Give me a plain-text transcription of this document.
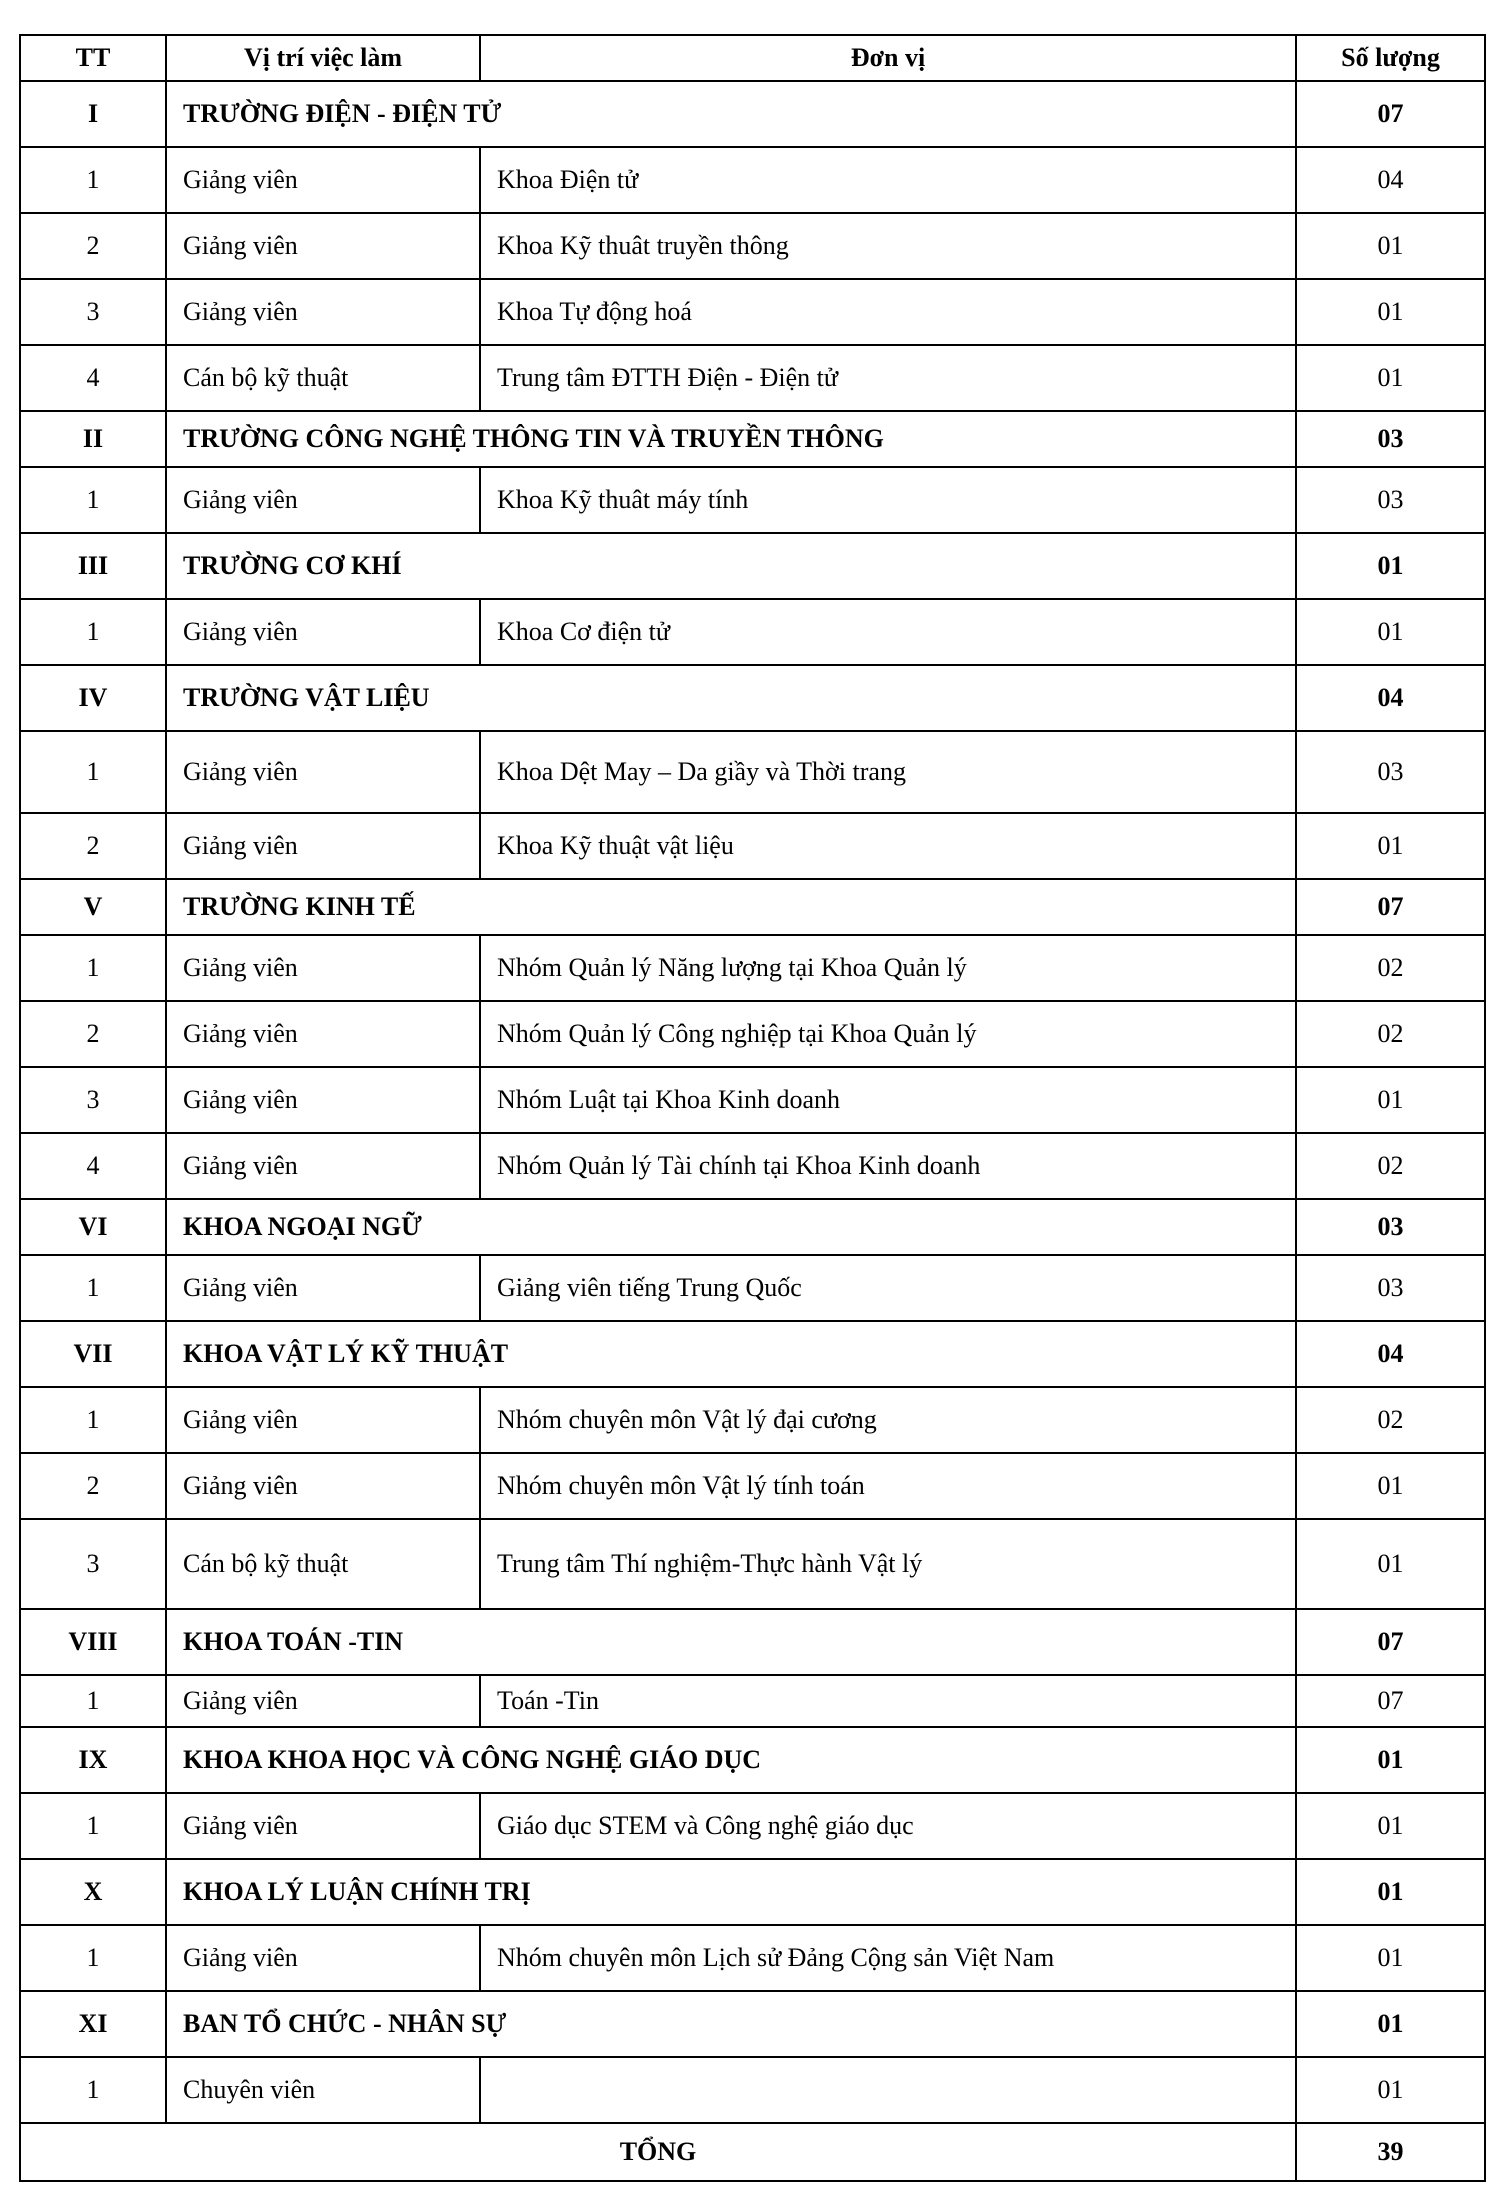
TT	Vị trí việc làm	Đơn vị	Số lượng
I	TRƯỜNG ĐIỆN - ĐIỆN TỬ		07
1	Giảng viên	Khoa Điện tử	04
2	Giảng viên	Khoa Kỹ thuât truyền thông	01
3	Giảng viên	Khoa Tự động hoá	01
4	Cán bộ kỹ thuật	Trung tâm ĐTTH Điện - Điện tử	01
II	TRƯỜNG CÔNG NGHỆ THÔNG TIN VÀ TRUYỀN THÔNG		03
1	Giảng viên	Khoa Kỹ thuât máy tính	03
III	TRƯỜNG CƠ KHÍ		01
1	Giảng viên	Khoa Cơ điện tử	01
IV	TRƯỜNG VẬT LIỆU		04
1	Giảng viên	Khoa Dệt May – Da giầy và Thời trang	03
2	Giảng viên	Khoa Kỹ thuật vật liệu	01
V	TRƯỜNG KINH TẾ		07
1	Giảng viên	Nhóm Quản lý Năng lượng tại Khoa Quản lý	02
2	Giảng viên	Nhóm Quản lý Công nghiệp tại Khoa Quản lý	02
3	Giảng viên	Nhóm Luật tại Khoa Kinh doanh	01
4	Giảng viên	Nhóm Quản lý Tài chính tại Khoa Kinh doanh	02
VI	KHOA NGOẠI NGỮ		03
1	Giảng viên	Giảng viên tiếng Trung Quốc	03
VII	KHOA VẬT LÝ KỸ THUẬT		04
1	Giảng viên	Nhóm chuyên môn Vật lý đại cương	02
2	Giảng viên	Nhóm chuyên môn Vật lý tính toán	01
3	Cán bộ kỹ thuật	Trung tâm Thí nghiệm-Thực hành Vật lý	01
VIII	KHOA TOÁN -TIN		07
1	Giảng viên	Toán -Tin	07
IX	KHOA KHOA HỌC VÀ CÔNG NGHỆ GIÁO DỤC		01
1	Giảng viên	Giáo dục STEM và Công nghệ giáo dục	01
X	KHOA LÝ LUẬN CHÍNH TRỊ		01
1	Giảng viên	Nhóm chuyên môn Lịch sử Đảng Cộng sản Việt Nam	01
XI	BAN TỔ CHỨC - NHÂN SỰ		01
1	Chuyên viên		01
TỔNG			39
